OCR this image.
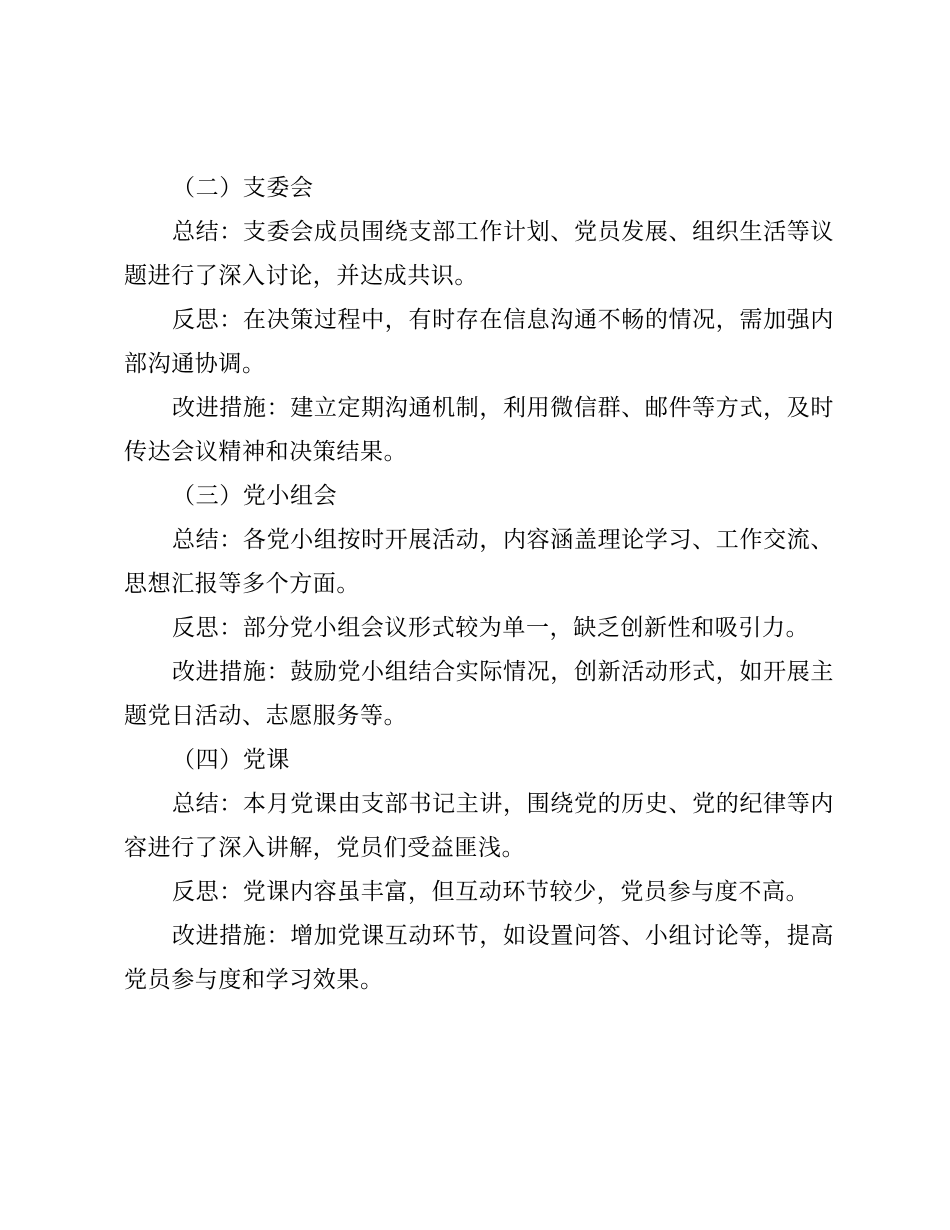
（二）支委会

总结：支委会成员围绕支部工作计划、党员发展、组织生活等议题进行了深入讨论，并达成共识。

反思：在决策过程中，有时存在信息沟通不畅的情况，需加强内部沟通协调。

改进措施：建立定期沟通机制，利用微信群、邮件等方式，及时传达会议精神和决策结果。

（三）党小组会

总结：各党小组按时开展活动，内容涵盖理论学习、工作交流、思想汇报等多个方面。

反思：部分党小组会议形式较为单一，缺乏创新性和吸引力。

改进措施：鼓励党小组结合实际情况，创新活动形式，如开展主题党日活动、志愿服务等。

（四）党课

总结：本月党课由支部书记主讲，围绕党的历史、党的纪律等内容进行了深入讲解，党员们受益匪浅。

反思：党课内容虽丰富，但互动环节较少，党员参与度不高。

改进措施：增加党课互动环节，如设置问答、小组讨论等，提高党员参与度和学习效果。
